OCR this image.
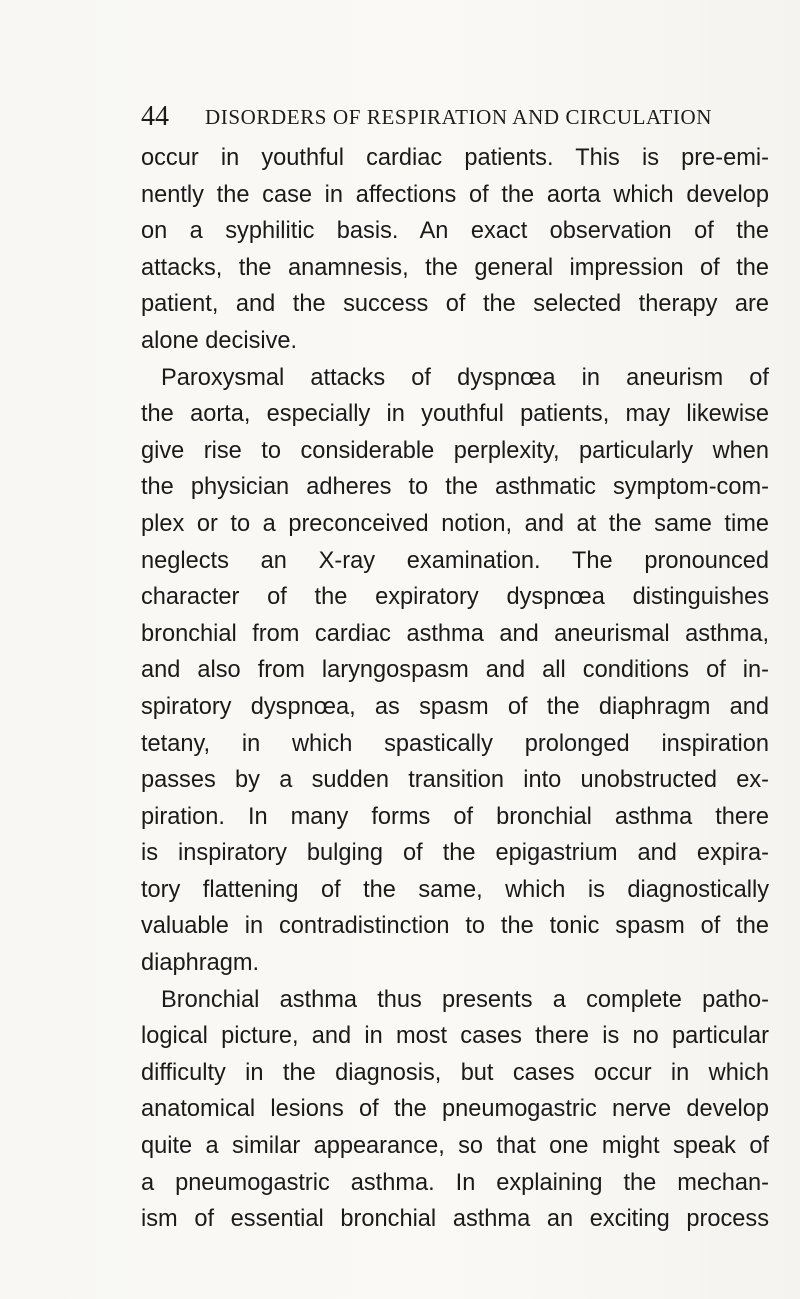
44 DISORDERS OF RESPIRATION AND CIRCULATION
occur in youthful cardiac patients. This is pre-emi-
nently the case in affections of the aorta which develop
on a syphilitic basis. An exact observation of the
attacks, the anamnesis, the general impression of the
patient, and the success of the selected therapy are
alone decisive.
Paroxysmal attacks of dyspnœa in aneurism of
the aorta, especially in youthful patients, may likewise
give rise to considerable perplexity, particularly when
the physician adheres to the asthmatic symptom-com-
plex or to a preconceived notion, and at the same time
neglects an X-ray examination. The pronounced
character of the expiratory dyspnœa distinguishes
bronchial from cardiac asthma and aneurismal asthma,
and also from laryngospasm and all conditions of in-
spiratory dyspnœa, as spasm of the diaphragm and
tetany, in which spastically prolonged inspiration
passes by a sudden transition into unobstructed ex-
piration. In many forms of bronchial asthma there
is inspiratory bulging of the epigastrium and expira-
tory flattening of the same, which is diagnostically
valuable in contradistinction to the tonic spasm of the
diaphragm.
Bronchial asthma thus presents a complete patho-
logical picture, and in most cases there is no particular
difficulty in the diagnosis, but cases occur in which
anatomical lesions of the pneumogastric nerve develop
quite a similar appearance, so that one might speak of
a pneumogastric asthma. In explaining the mechan-
ism of essential bronchial asthma an exciting process
